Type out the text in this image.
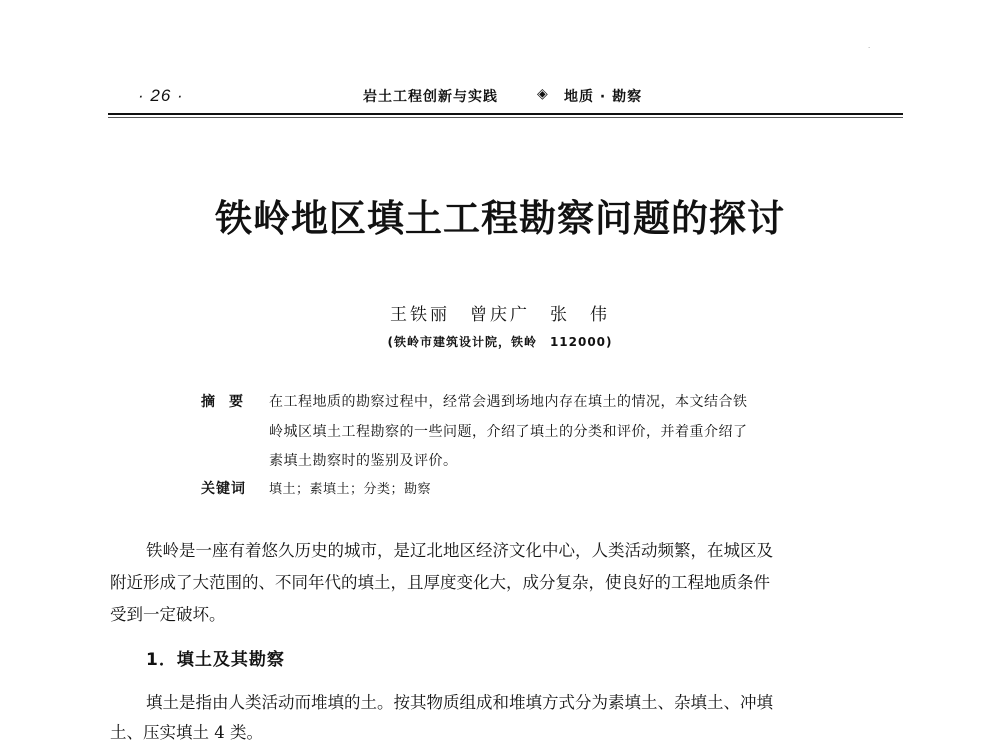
·
· 26 ·	岩土工程创新与实践	◈ 地质 · 勘察
铁岭地区填土工程勘察问题的探讨
王铁丽　曾庆广　张　伟
(铁岭市建筑设计院，铁岭　112000)
摘要 在工程地质的勘察过程中，经常会遇到场地内存在填土的情况，本文结合铁
岭城区填土工程勘察的一些问题，介绍了填土的分类和评价，并着重介绍了
素填土勘察时的鉴别及评价。
关键词 填土；素填土；分类；勘察
铁岭是一座有着悠久历史的城市，是辽北地区经济文化中心，人类活动频繁，在城区及
附近形成了大范围的、不同年代的填土，且厚度变化大，成分复杂，使良好的工程地质条件
受到一定破坏。
1．填土及其勘察
填土是指由人类活动而堆填的土。按其物质组成和堆填方式分为素填土、杂填土、冲填
土、压实填土 4 类。
